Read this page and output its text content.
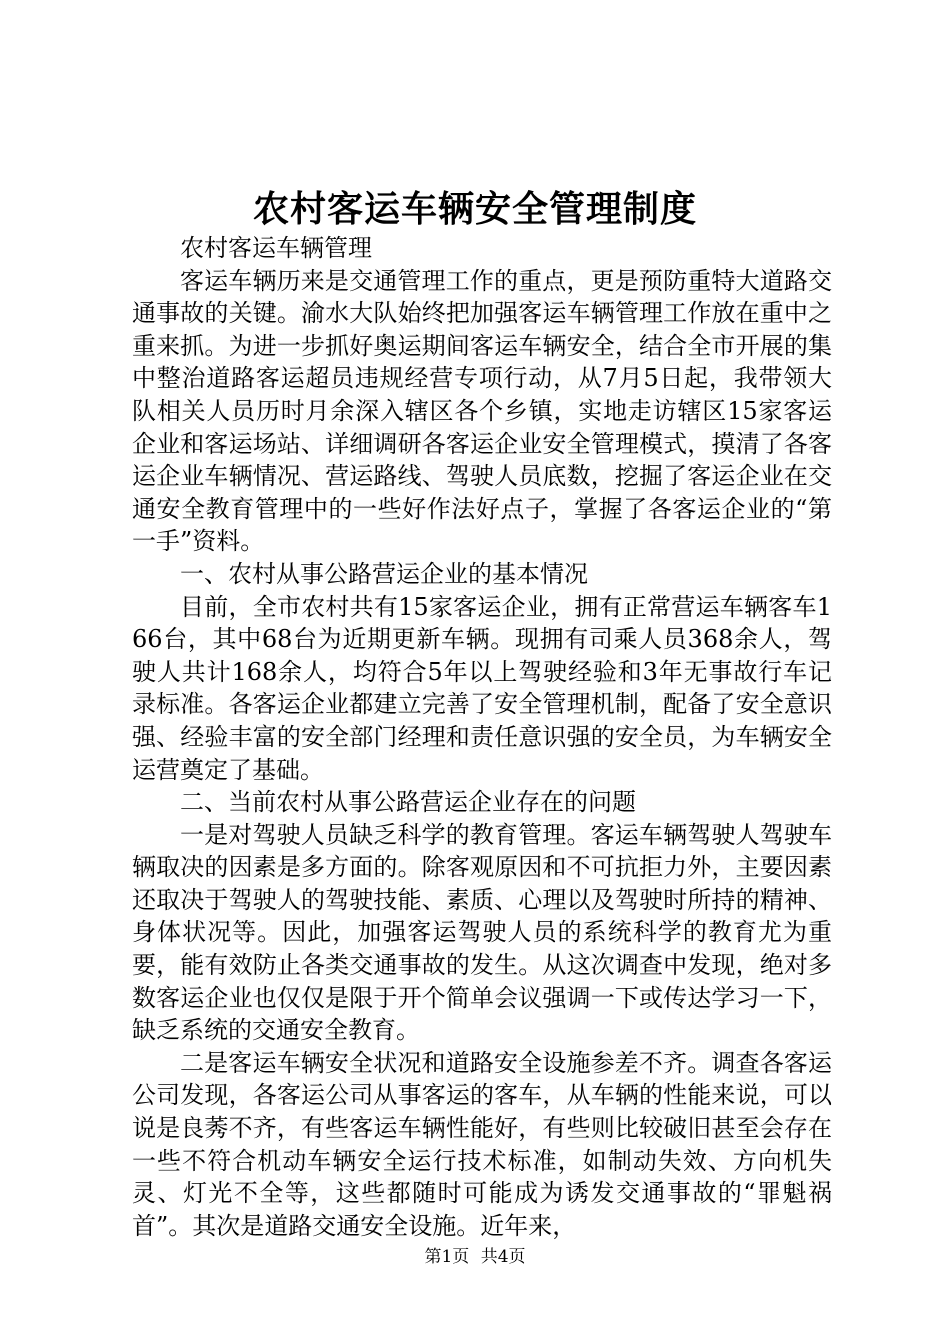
农村客运车辆安全管理制度

农村客运车辆管理

客运车辆历来是交通管理工作的重点，更是预防重特大道路交通事故的关键。渝水大队始终把加强客运车辆管理工作放在重中之重来抓。为进一步抓好奥运期间客运车辆安全，结合全市开展的集中整治道路客运超员违规经营专项行动，从7月5日起，我带领大队相关人员历时月余深入辖区各个乡镇，实地走访辖区15家客运企业和客运场站、详细调研各客运企业安全管理模式，摸清了各客运企业车辆情况、营运路线、驾驶人员底数，挖掘了客运企业在交通安全教育管理中的一些好作法好点子，掌握了各客运企业的“第一手”资料。

一、农村从事公路营运企业的基本情况

目前，全市农村共有15家客运企业，拥有正常营运车辆客车166台，其中68台为近期更新车辆。现拥有司乘人员368余人，驾驶人共计168余人，均符合5年以上驾驶经验和3年无事故行车记录标准。各客运企业都建立完善了安全管理机制，配备了安全意识强、经验丰富的安全部门经理和责任意识强的安全员，为车辆安全运营奠定了基础。

二、当前农村从事公路营运企业存在的问题

一是对驾驶人员缺乏科学的教育管理。客运车辆驾驶人驾驶车辆取决的因素是多方面的。除客观原因和不可抗拒力外，主要因素还取决于驾驶人的驾驶技能、素质、心理以及驾驶时所持的精神、身体状况等。因此，加强客运驾驶人员的系统科学的教育尤为重要，能有效防止各类交通事故的发生。从这次调查中发现，绝对多数客运企业也仅仅是限于开个简单会议强调一下或传达学习一下，缺乏系统的交通安全教育。

二是客运车辆安全状况和道路安全设施参差不齐。调查各客运公司发现，各客运公司从事客运的客车，从车辆的性能来说，可以说是良莠不齐，有些客运车辆性能好，有些则比较破旧甚至会存在一些不符合机动车辆安全运行技术标准，如制动失效、方向机失灵、灯光不全等，这些都随时可能成为诱发交通事故的“罪魁祸首”。其次是道路交通安全设施。近年来，

第1页 共4页
